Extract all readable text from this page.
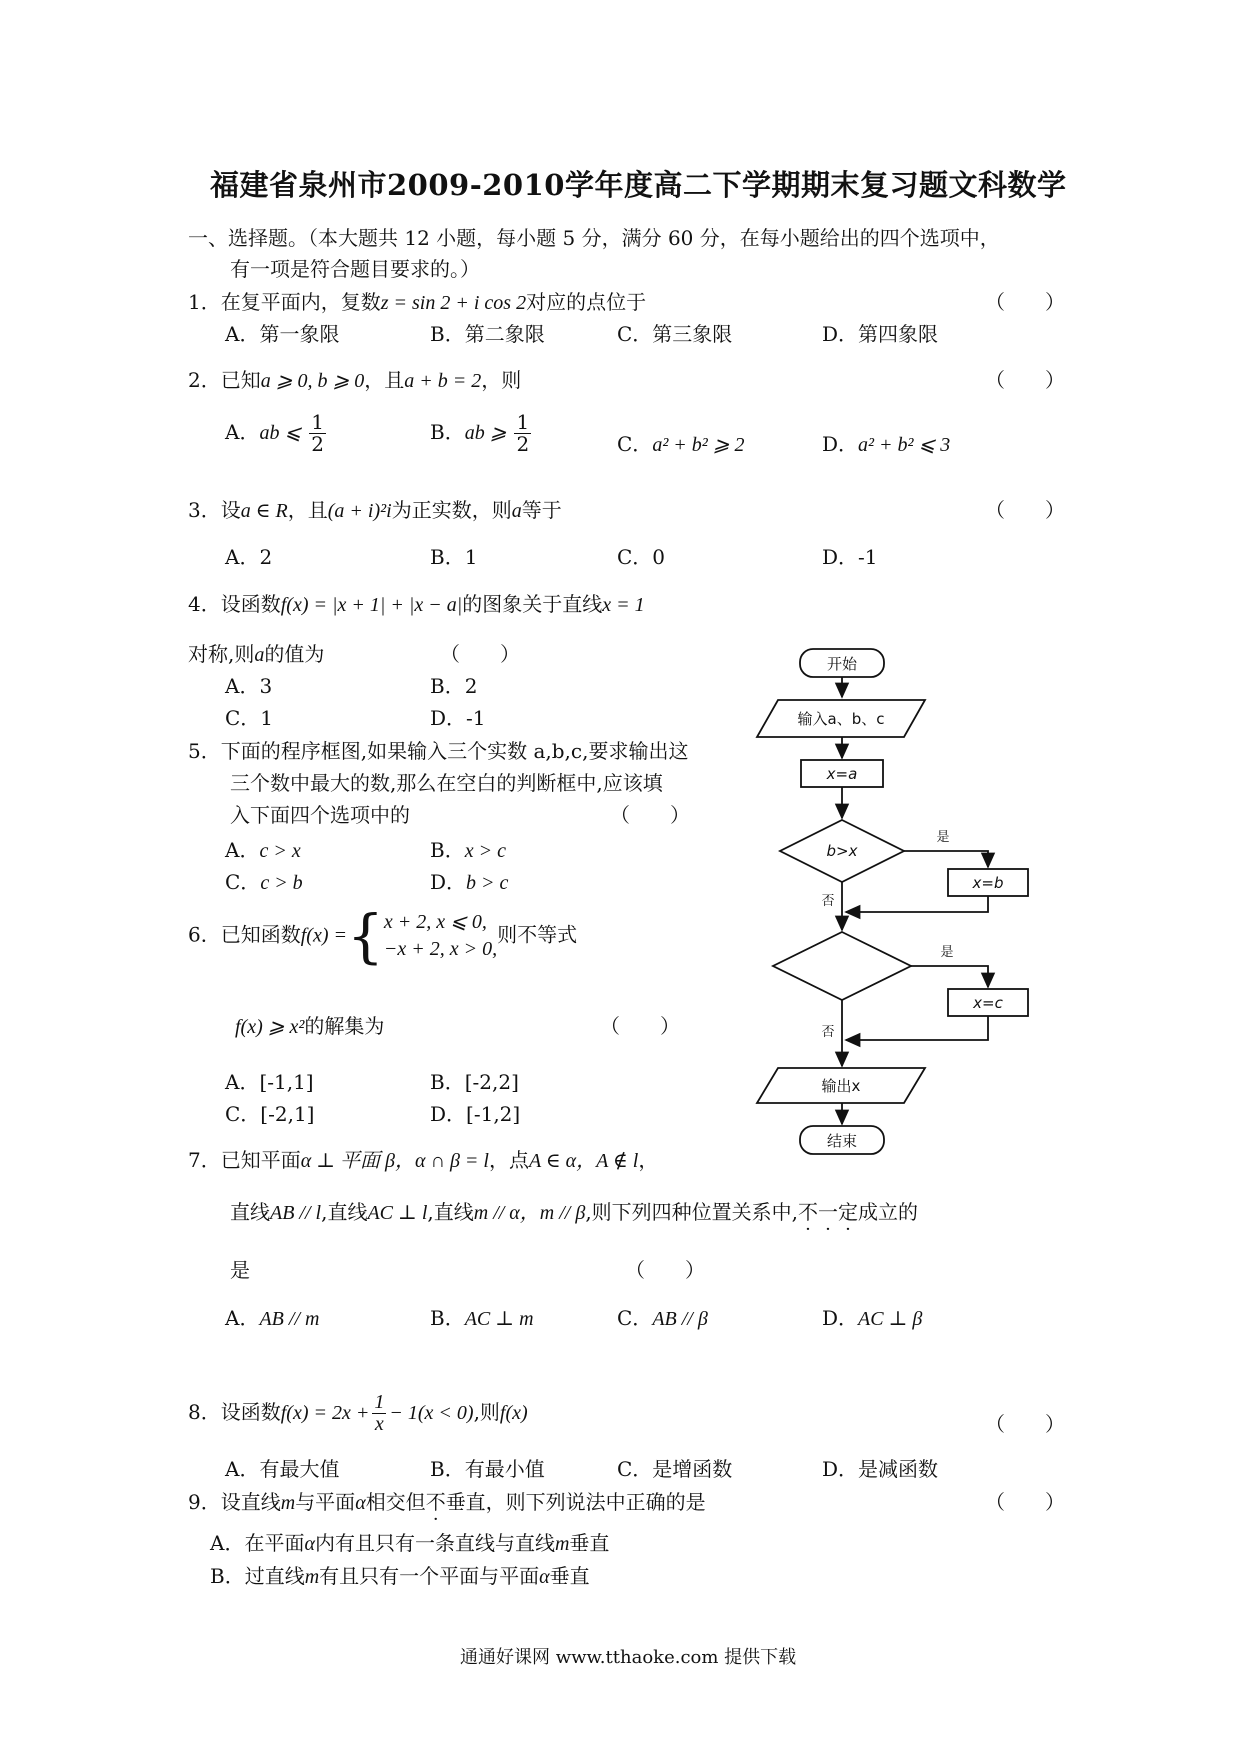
福建省泉州市2009-2010学年度高二下学期期末复习题文科数学
一、选择题。（本大题共 12 小题，每小题 5 分，满分 60 分，在每小题给出的四个选项中，
有一项是符合题目要求的。）
1．在复平面内，复数z = sin 2 + i cos 2对应的点位于	（　　）
A．第一象限	B．第二象限	C．第三象限	D．第四象限
2．已知a ⩾ 0, b ⩾ 0，且a + b = 2，则	（　　）
A．ab ⩽ $\frac{1}{2}$	B．ab ⩾ $\frac{1}{2}$	C．a² + b² ⩾ 2	D．a² + b² ⩽ 3
3．设a ∈ R，且(a + i)²i为正实数，则a等于	（　　）
A．2	B．1	C．0	D．-1
4．设函数f(x) = |x + 1| + |x − a|的图象关于直线x = 1
对称,则a的值为	（　　）
A．3	B．2
C．1	D．-1
5．下面的程序框图,如果输入三个实数 a,b,c,要求输出这
三个数中最大的数,那么在空白的判断框中,应该填
入下面四个选项中的	（　　）
A．c > x	B．x > c
C．c > b	D．b > c
6．已知函数f(x) ={ x + 2, x ⩽ 0,
−x + 2, x > 0,
则不等式
f(x) ⩾ x²的解集为	（　　）
A．[-1,1]	B．[-2,2]
C．[-2,1]	D．[-1,2]
7．已知平面α ⊥ 平面 β，α ∩ β = l，点A ∈ α，A ∉ l，
直线AB // l,直线AC ⊥ l,直线m // α，m // β,则下列四种位置关系中,不一定成立的
是	（　　）
A．AB // m	B．AC ⊥ m	C．AB // β	D．AC ⊥ β
8．设函数$f(x) = 2x + \frac{1}{x} - 1(x < 0)$,则f(x)	（　　）
A．有最大值	B．有最小值	C．是增函数	D．是减函数
9．设直线m与平面α相交但不垂直，则下列说法中正确的是	（　　）
A．在平面α内有且只有一条直线与直线m垂直
B．过直线m有且只有一个平面与平面α垂直
开始
输入a、b、c
x=a
b>x
是
x=b
否
是
x=c
否
输出x
结束
通通好课网 www.tthaoke.com 提供下载
